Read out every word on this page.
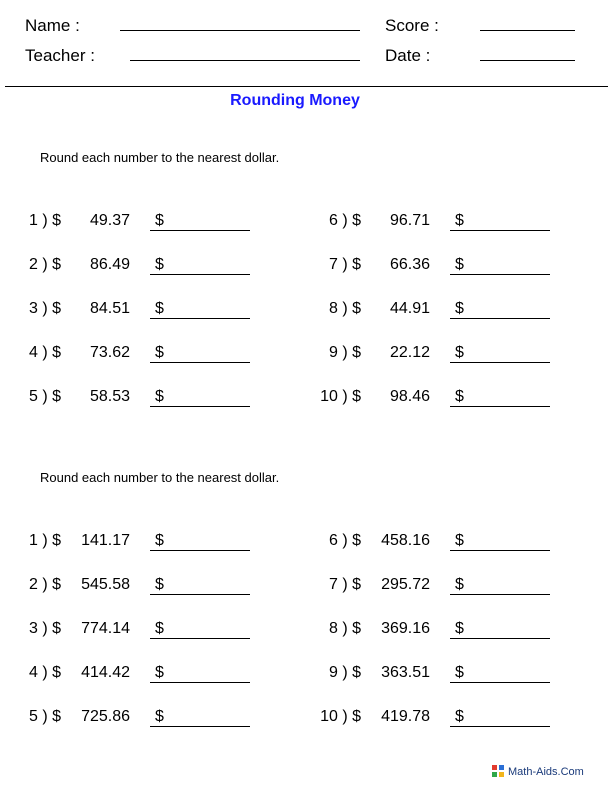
Name :
Teacher :
Score :
Date :
Rounding Money
Round each number to the nearest dollar.
1 ) $	49.37 $
2 ) $	86.49 $
3 ) $	84.51 $
4 ) $	73.62 $
5 ) $	58.53 $
6 ) $	96.71 $
7 ) $	66.36 $
8 ) $	44.91 $
9 ) $	22.12 $
10 ) $	98.46 $
Round each number to the nearest dollar.
1 ) $	141.17 $
2 ) $	545.58 $
3 ) $	774.14 $
4 ) $	414.42 $
5 ) $	725.86 $
6 ) $	458.16 $
7 ) $	295.72 $
8 ) $	369.16 $
9 ) $	363.51 $
10 ) $	419.78 $
Math-Aids.Com
